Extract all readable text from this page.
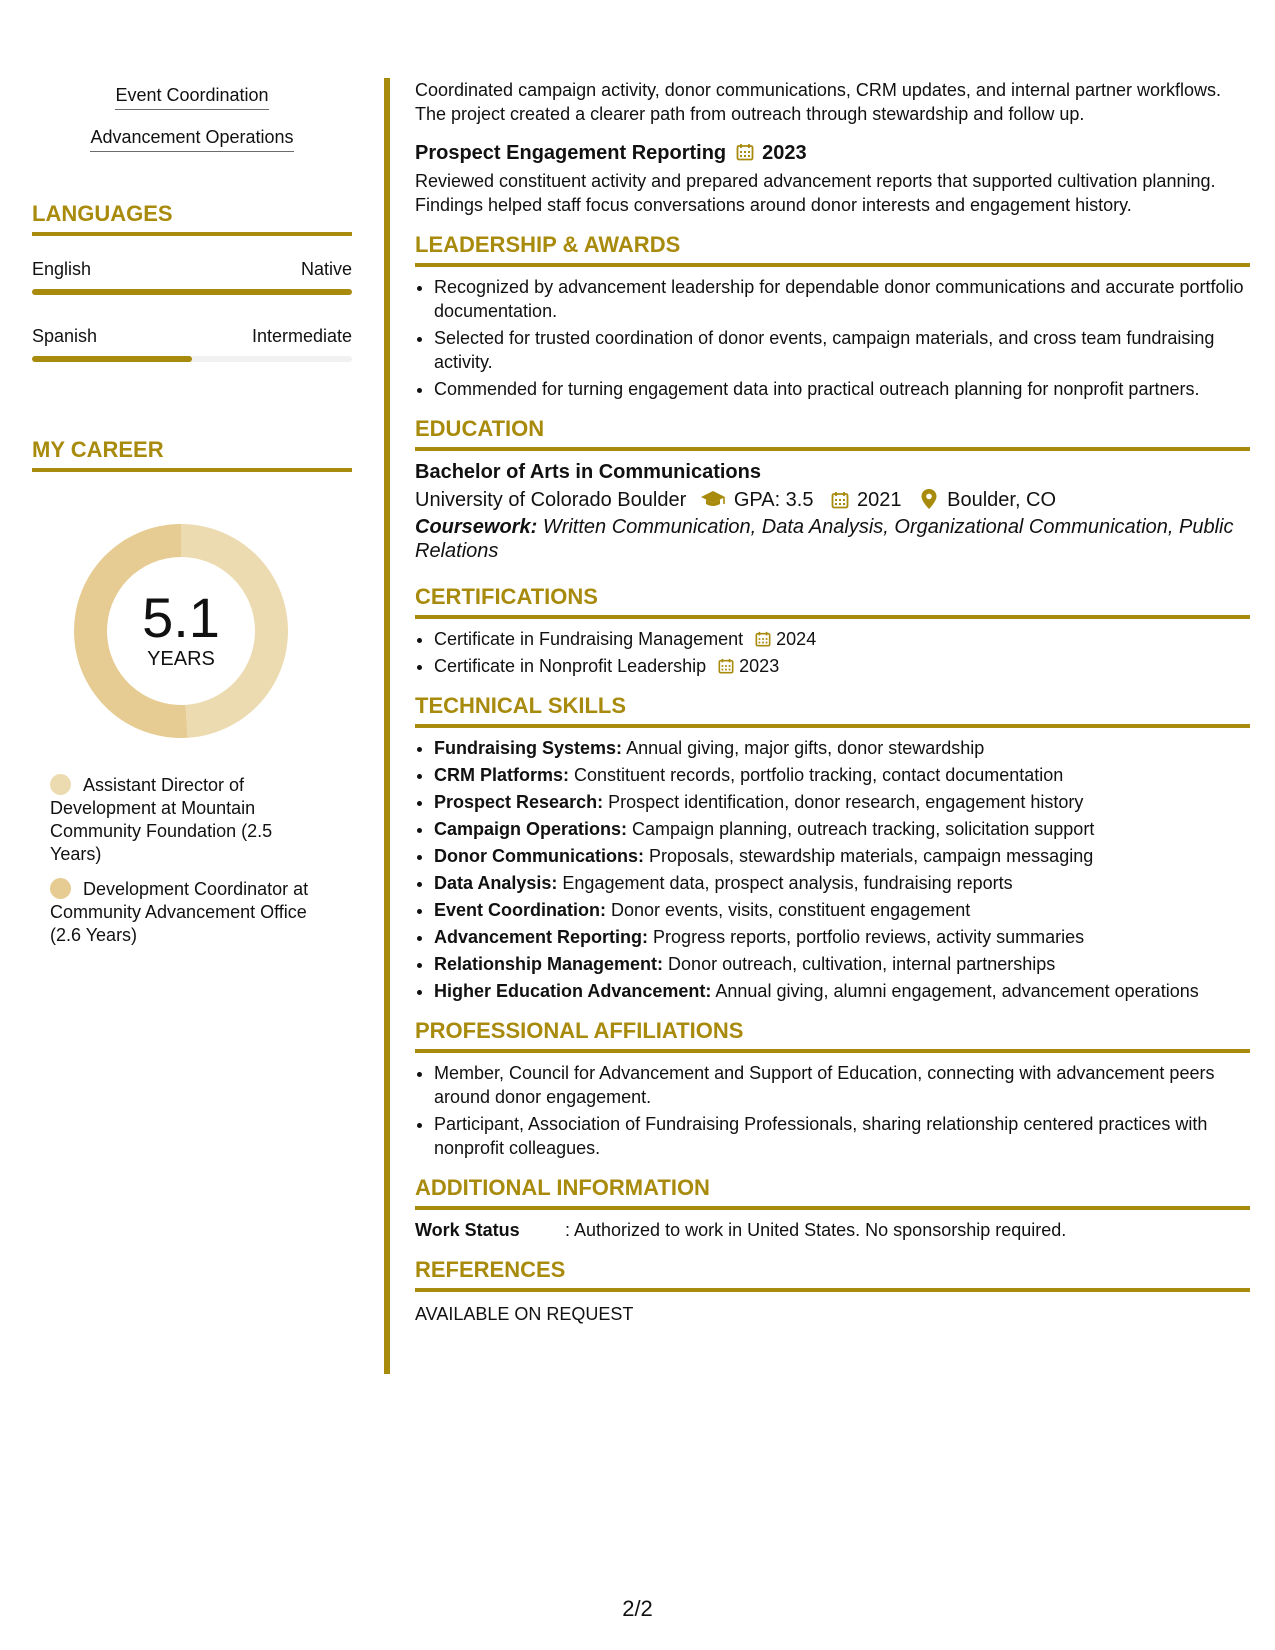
Event Coordination
Advancement Operations
LANGUAGES
English	Native
Spanish	Intermediate
MY CAREER
5.1
YEARS
Assistant Director of Development at Mountain Community Foundation (2.5 Years)
Development Coordinator at Community Advancement Office (2.6 Years)

Coordinated campaign activity, donor communications, CRM updates, and internal partner workflows. The project created a clearer path from outreach through stewardship and follow up.

Prospect Engagement Reporting 2023

Reviewed constituent activity and prepared advancement reports that supported cultivation planning. Findings helped staff focus conversations around donor interests and engagement history.

LEADERSHIP & AWARDS
• Recognized by advancement leadership for dependable donor communications and accurate portfolio documentation.
• Selected for trusted coordination of donor events, campaign materials, and cross team fundraising activity.
• Commended for turning engagement data into practical outreach planning for nonprofit partners.
EDUCATION
Bachelor of Arts in Communications
University of Colorado Boulder GPA: 3.5 2021 Boulder, CO
Coursework: Written Communication, Data Analysis, Organizational Communication, Public Relations
CERTIFICATIONS
• Certificate in Fundraising Management 2024
• Certificate in Nonprofit Leadership 2023
TECHNICAL SKILLS
• Fundraising Systems: Annual giving, major gifts, donor stewardship
• CRM Platforms: Constituent records, portfolio tracking, contact documentation
• Prospect Research: Prospect identification, donor research, engagement history
• Campaign Operations: Campaign planning, outreach tracking, solicitation support
• Donor Communications: Proposals, stewardship materials, campaign messaging
• Data Analysis: Engagement data, prospect analysis, fundraising reports
• Event Coordination: Donor events, visits, constituent engagement
• Advancement Reporting: Progress reports, portfolio reviews, activity summaries
• Relationship Management: Donor outreach, cultivation, internal partnerships
• Higher Education Advancement: Annual giving, alumni engagement, advancement operations
PROFESSIONAL AFFILIATIONS
• Member, Council for Advancement and Support of Education, connecting with advancement peers around donor engagement.
• Participant, Association of Fundraising Professionals, sharing relationship centered practices with nonprofit colleagues.
ADDITIONAL INFORMATION
Work Status	: Authorized to work in United States. No sponsorship required.
REFERENCES
AVAILABLE ON REQUEST
2/2
